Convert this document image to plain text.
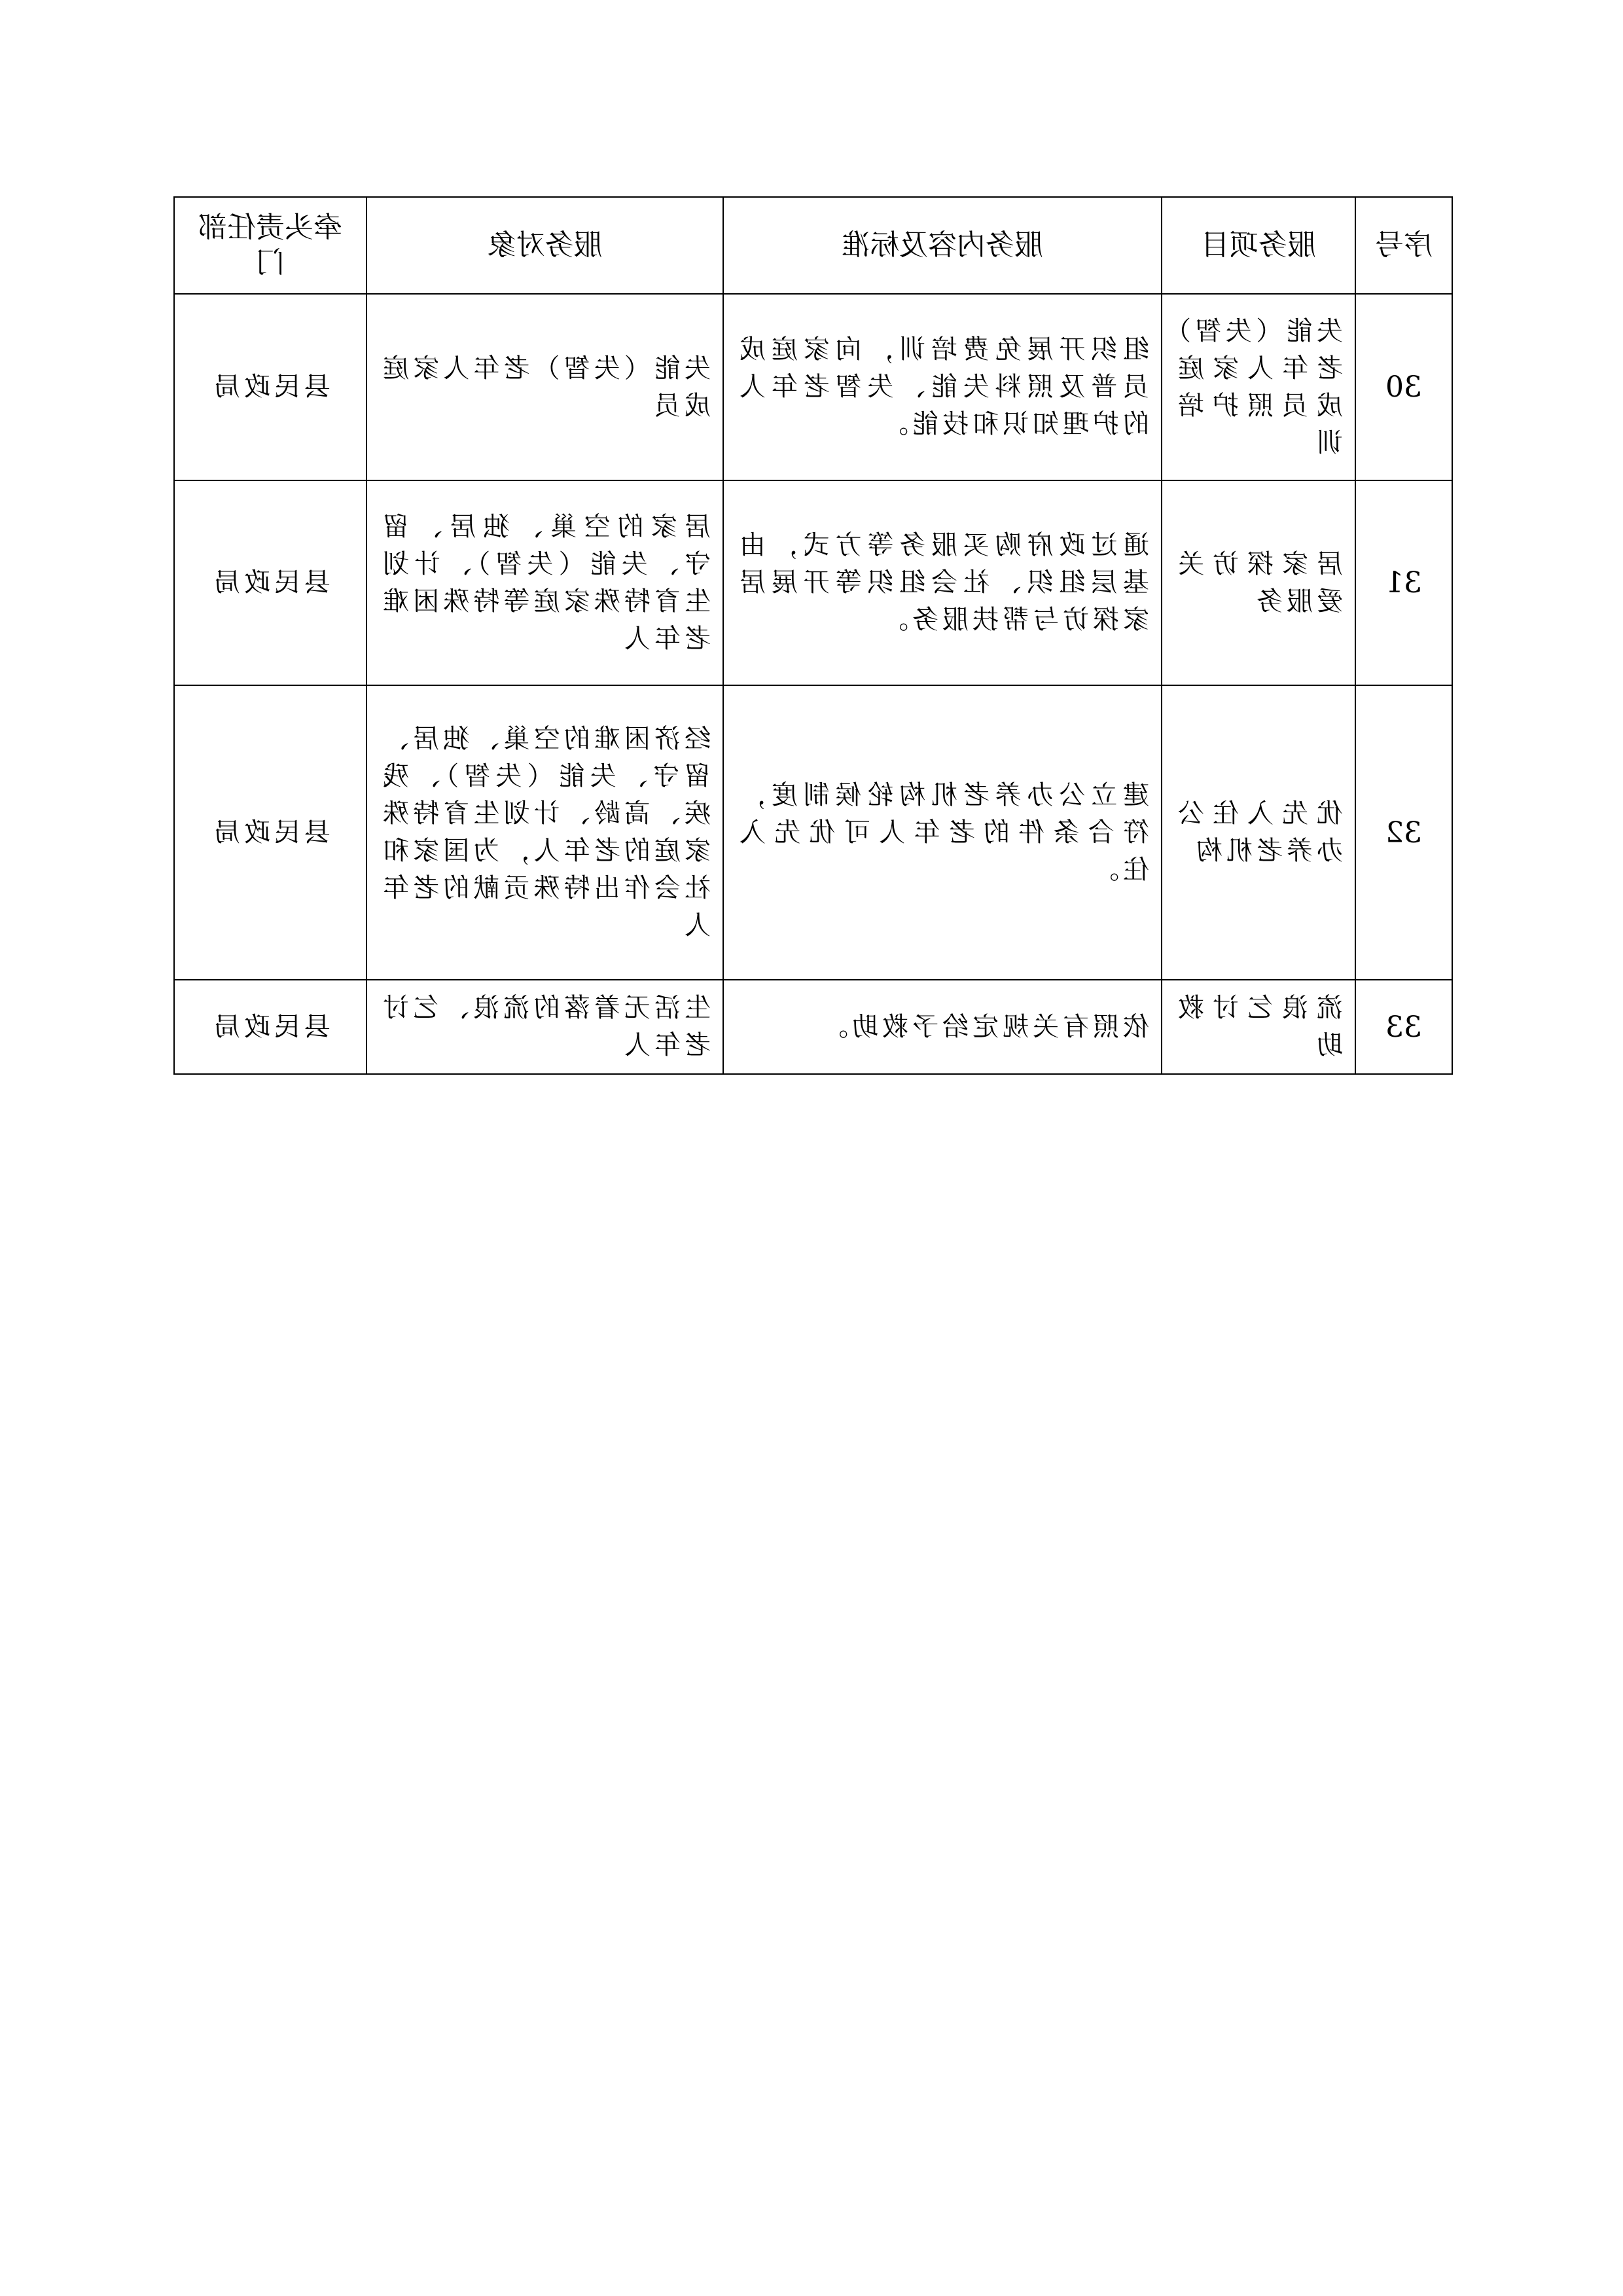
序号	服务项目	服务内容及标准	服务对象	牵头责任部门
30	失能（失智）老年人家庭成员照护培训	组织开展免费培训，向家庭成员普及照料失能、失智老年人的护理知识和技能。	失能（失智）老年人家庭成员	县民政局
31	居家探访关爱服务	通过政府购买服务等方式，由基层组织、社会组织等开展居家探访与帮扶服务。	居家的空巢、独居、留守、失能（失智）、计划生育特殊家庭等特殊困难老年人	县民政局
32	优先入住公办养老机构	建立公办养老机构轮候制度，符合条件的老年人可优先入住。	经济困难的空巢、独居、留守、失能（失智）、残疾、高龄、计划生育特殊家庭的老年人，为国家和社会作出特殊贡献的老年人	县民政局
33	流浪乞讨救助	依照有关规定给予救助。	生活无着落的流浪、乞讨老年人	县民政局
